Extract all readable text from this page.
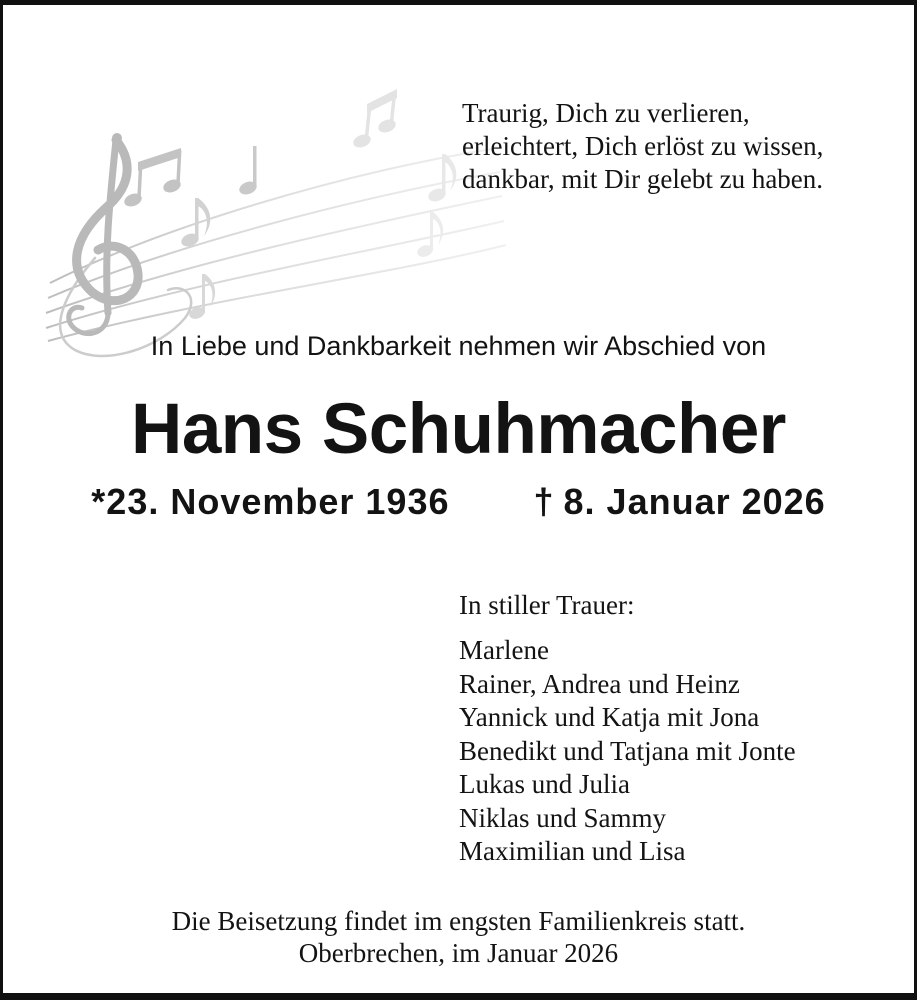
Traurig, Dich zu verlieren,
erleichtert, Dich erlöst zu wissen,
dankbar, mit Dir gelebt zu haben.
In Liebe und Dankbarkeit nehmen wir Abschied von
Hans Schuhmacher
*23. November 1936 † 8. Januar 2026
In stiller Trauer:
Marlene
Rainer, Andrea und Heinz
Yannick und Katja mit Jona
Benedikt und Tatjana mit Jonte
Lukas und Julia
Niklas und Sammy
Maximilian und Lisa
Die Beisetzung findet im engsten Familienkreis statt.
Oberbrechen, im Januar 2026
